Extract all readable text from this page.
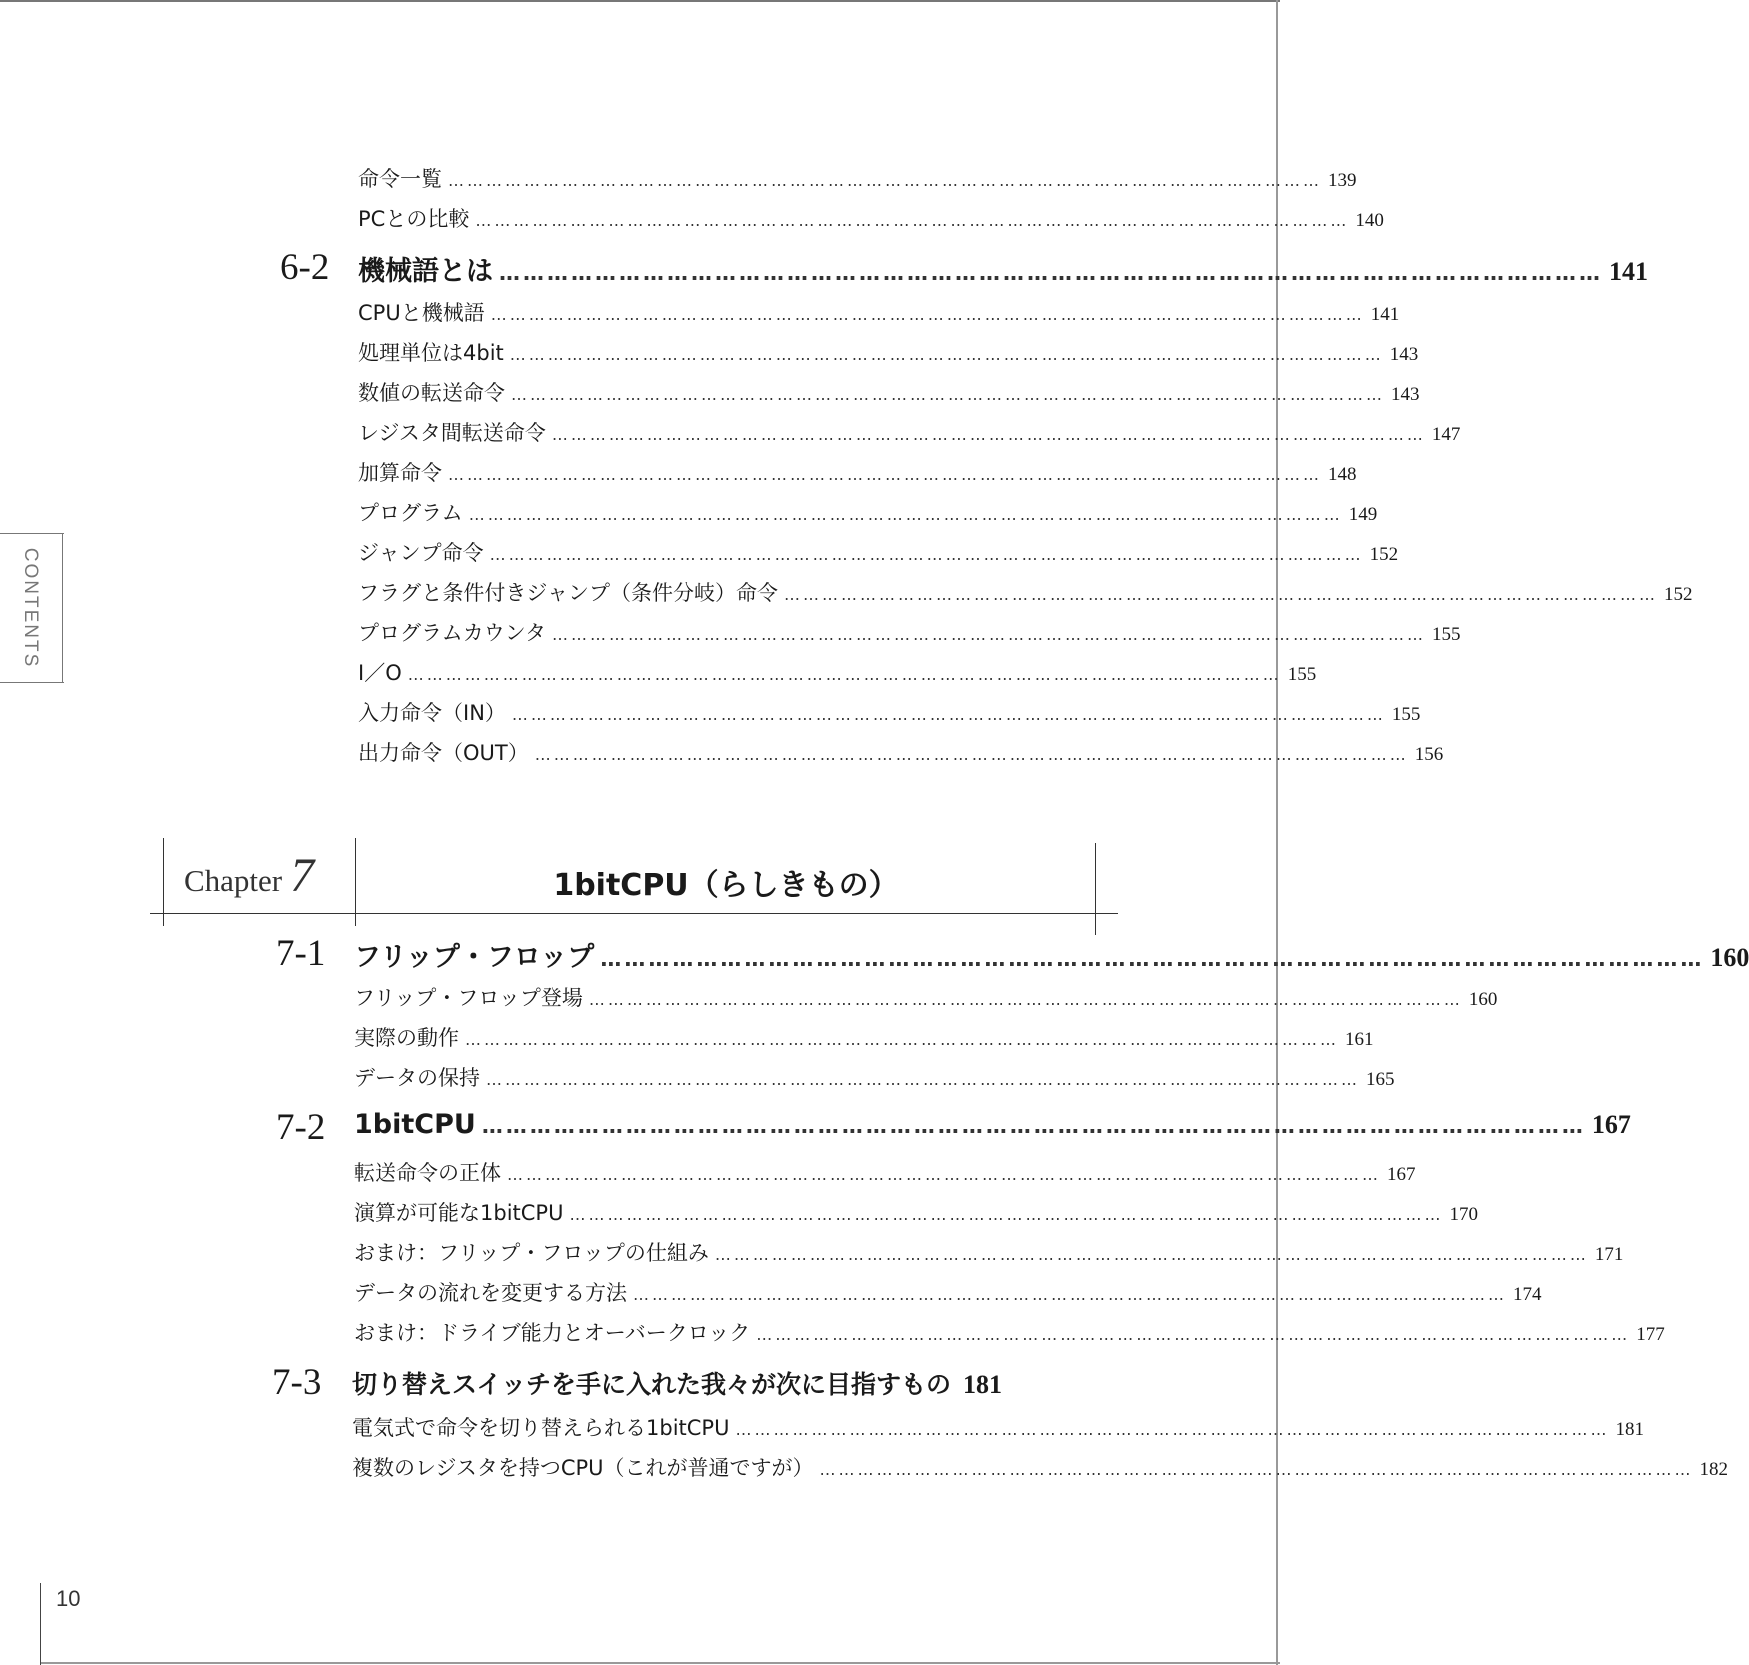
CONTENTS
命令一覧 ………………………………………………………………………………………………………………………… 139
PCとの比較 ………………………………………………………………………………………………………………………… 140
6-2 機械語とは ………………………………………………………………………………………………………………………… 141
CPUと機械語 ………………………………………………………………………………………………………………………… 141
処理単位は4bit ………………………………………………………………………………………………………………………… 143
数値の転送命令 ………………………………………………………………………………………………………………………… 143
レジスタ間転送命令 ………………………………………………………………………………………………………………………… 147
加算命令 ………………………………………………………………………………………………………………………… 148
プログラム ………………………………………………………………………………………………………………………… 149
ジャンプ命令 ………………………………………………………………………………………………………………………… 152
フラグと条件付きジャンプ（条件分岐）命令 ………………………………………………………………………………………………………………………… 152
プログラムカウンタ ………………………………………………………………………………………………………………………… 155
I／O ………………………………………………………………………………………………………………………… 155
入力命令（IN） ………………………………………………………………………………………………………………………… 155
出力命令（OUT） ………………………………………………………………………………………………………………………… 156
Chapter 7	1bitCPU（らしきもの）
7-1 フリップ・フロップ ………………………………………………………………………………………………………………………… 160
フリップ・フロップ登場 ………………………………………………………………………………………………………………………… 160
実際の動作 ………………………………………………………………………………………………………………………… 161
データの保持 ………………………………………………………………………………………………………………………… 165
7-2 1bitCPU ………………………………………………………………………………………………………………………… 167
転送命令の正体 ………………………………………………………………………………………………………………………… 167
演算が可能な1bitCPU ………………………………………………………………………………………………………………………… 170
おまけ：フリップ・フロップの仕組み ………………………………………………………………………………………………………………………… 171
データの流れを変更する方法 ………………………………………………………………………………………………………………………… 174
おまけ：ドライブ能力とオーバークロック ………………………………………………………………………………………………………………………… 177
7-3 切り替えスイッチを手に入れた我々が次に目指すもの 181
電気式で命令を切り替えられる1bitCPU ………………………………………………………………………………………………………………………… 181
複数のレジスタを持つCPU（これが普通ですが） ………………………………………………………………………………………………………………………… 182
10
